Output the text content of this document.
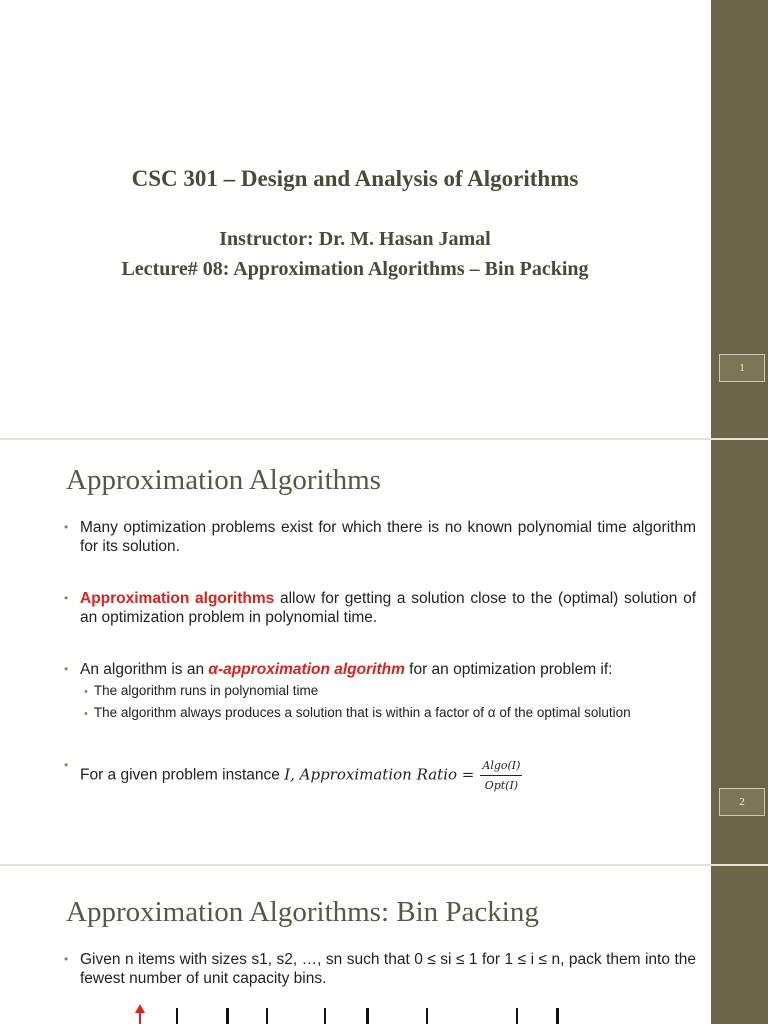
1
CSC 301 – Design and Analysis of Algorithms
Instructor: Dr. M. Hasan Jamal
Lecture# 08: Approximation Algorithms – Bin Packing
2
Approximation Algorithms
• Many optimization problems exist for which there is no known polynomial time algorithm for its solution.
• Approximation algorithms allow for getting a solution close to the (optimal) solution of an optimization problem in polynomial time.
• An algorithm is an α-approximation algorithm for an optimization problem if:
• The algorithm runs in polynomial time
• The algorithm always produces a solution that is within a factor of α of the optimal solution
•
For a given problem instance I, Approximation Ratio = $\frac{Algo(I)}{\text{Opt(I)}}$
Approximation Algorithms: Bin Packing
• Given n items with sizes s1, s2, …, sn such that 0 ≤ si ≤ 1 for 1 ≤ i ≤ n, pack them into the fewest number of unit capacity bins.
